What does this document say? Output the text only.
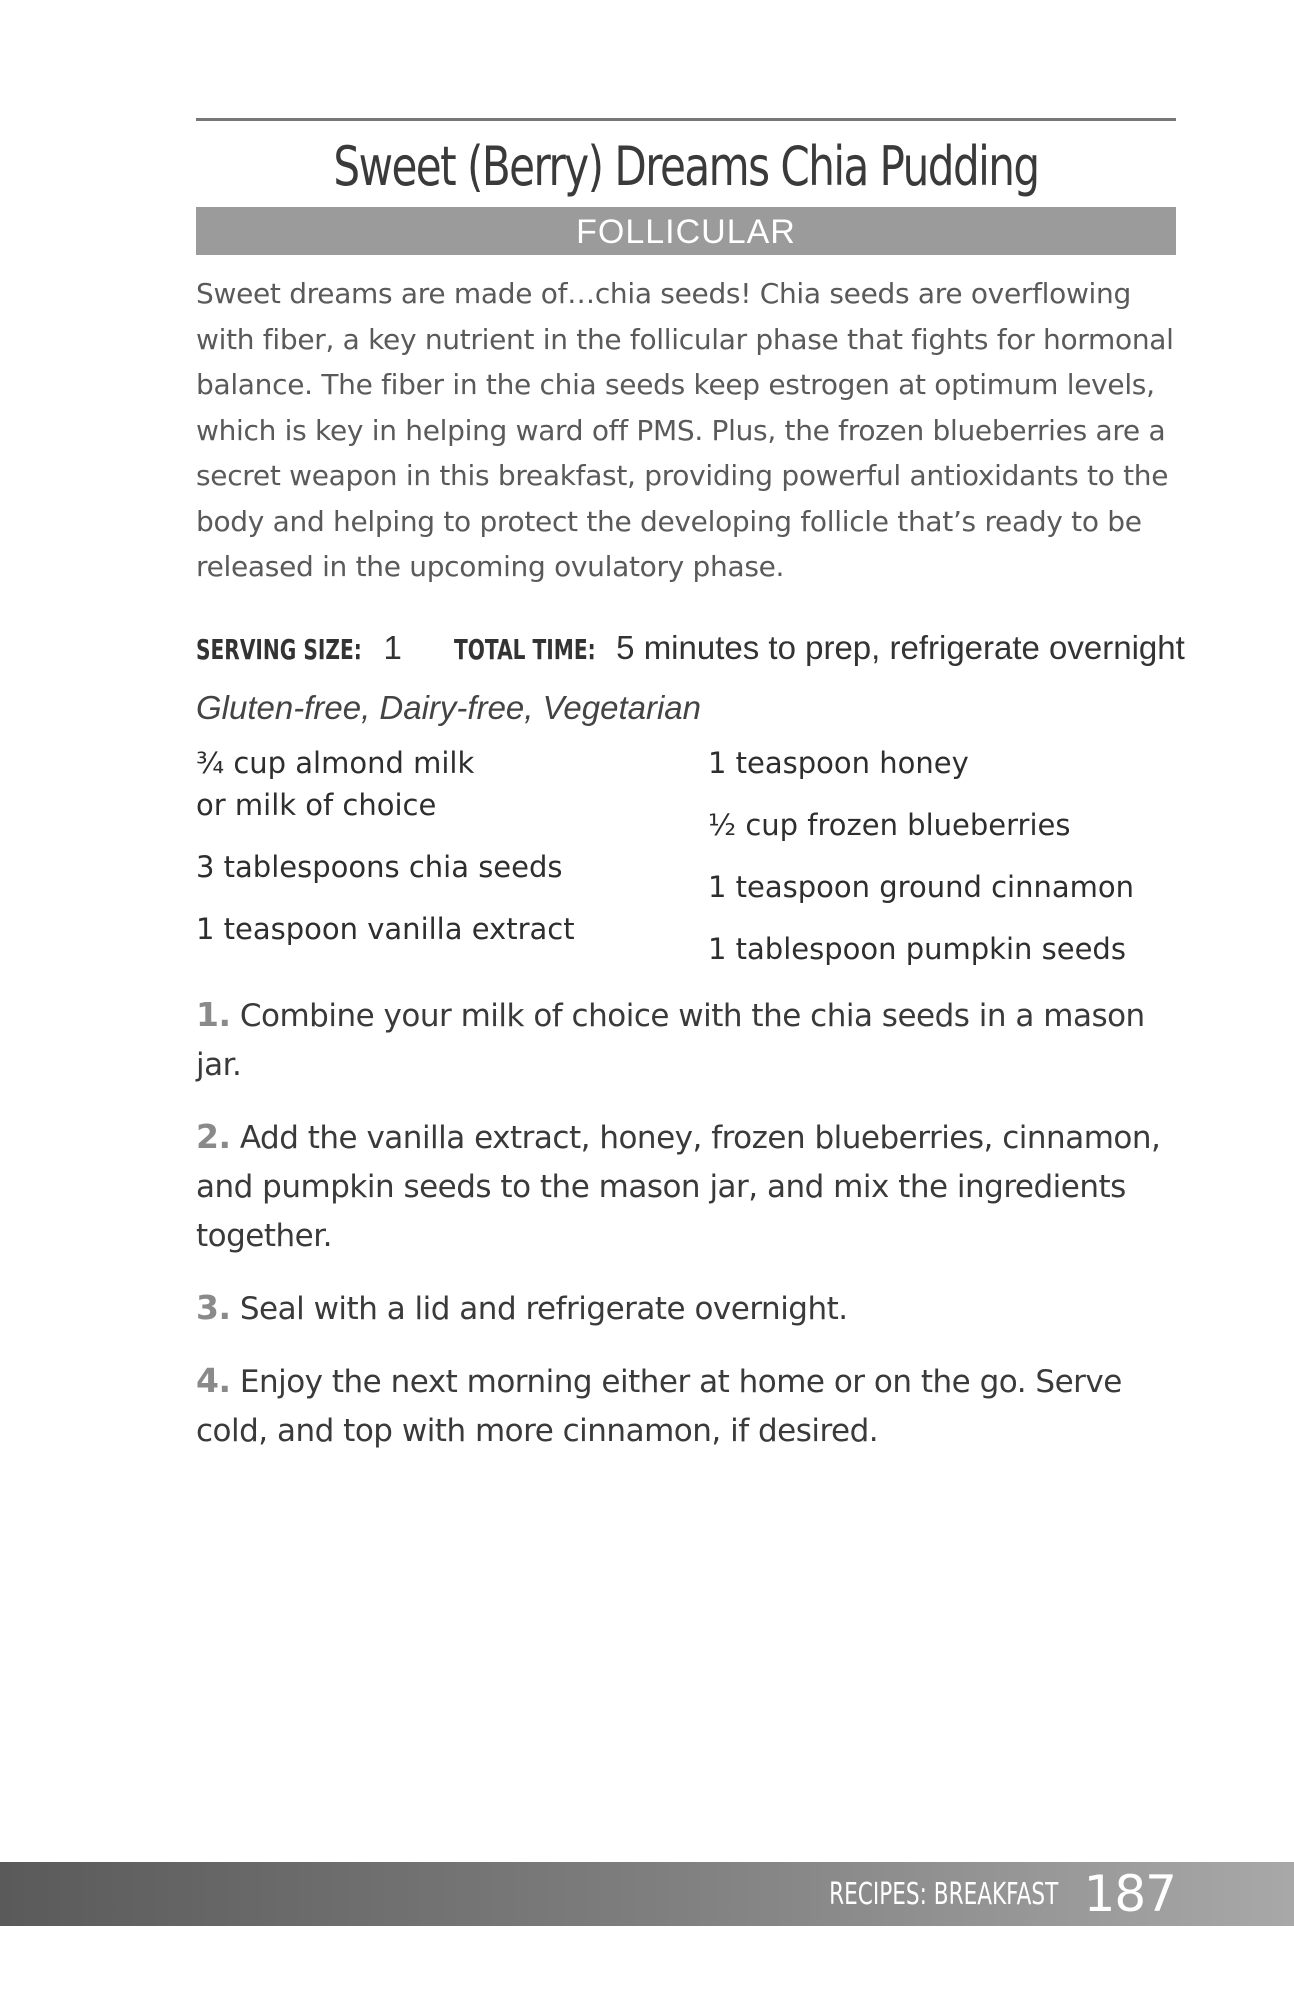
Sweet (Berry) Dreams Chia Pudding
FOLLICULAR

Sweet dreams are made of…chia seeds! Chia seeds are overflowing with fiber, a key nutrient in the follicular phase that fights for hormonal balance. The fiber in the chia seeds keep estrogen at optimum levels, which is key in helping ward off PMS. Plus, the frozen blueberries are a secret weapon in this breakfast, providing powerful antioxidants to the body and helping to protect the developing follicle that’s ready to be released in the upcoming ovulatory phase.

SERVING SIZE: 1 TOTAL TIME: 5 minutes to prep, refrigerate overnight
Gluten-free, Dairy-free, Vegetarian
¾ cup almond milk or milk of choice
3 tablespoons chia seeds
1 teaspoon vanilla extract
1 teaspoon honey
½ cup frozen blueberries
1 teaspoon ground cinnamon
1 tablespoon pumpkin seeds
1. Combine your milk of choice with the chia seeds in a mason jar.
2. Add the vanilla extract, honey, frozen blueberries, cinnamon, and pumpkin seeds to the mason jar, and mix the ingredients together.
3. Seal with a lid and refrigerate overnight.
4. Enjoy the next morning either at home or on the go. Serve cold, and top with more cinnamon, if desired.
RECIPES: BREAKFAST 187
